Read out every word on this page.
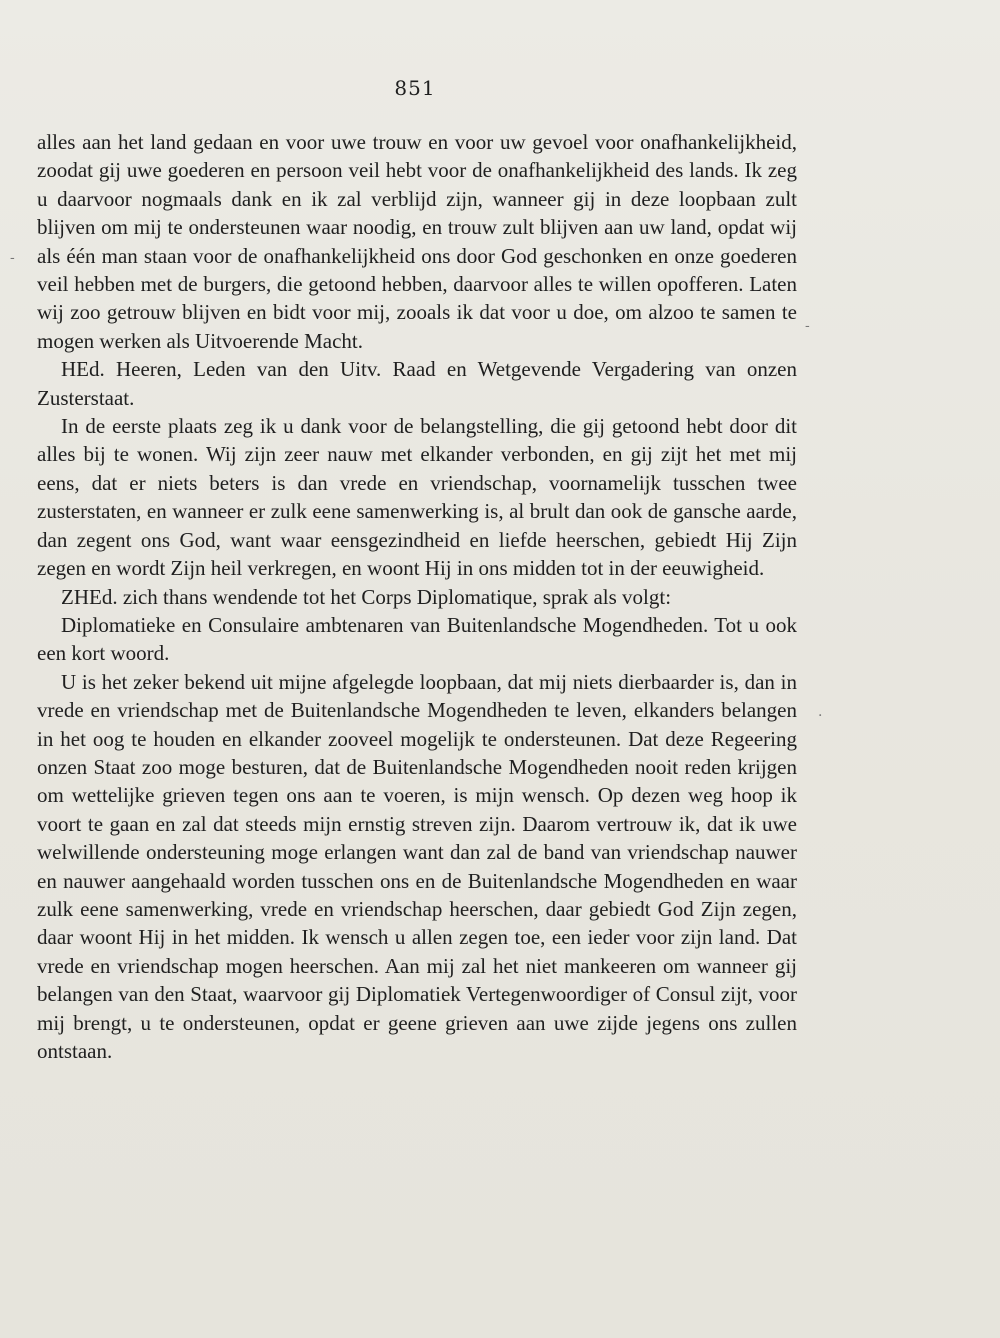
851

alles aan het land gedaan en voor uwe trouw en voor uw gevoel voor onafhankelijkheid, zoodat gij uwe goederen en persoon veil hebt voor de onafhankelijkheid des lands. Ik zeg u daarvoor nogmaals dank en ik zal verblijd zijn, wanneer gij in deze loopbaan zult blijven om mij te ondersteunen waar noodig, en trouw zult blijven aan uw land, opdat wij als één man staan voor de onafhankelijkheid ons door God geschonken en onze goederen veil hebben met de burgers, die getoond hebben, daarvoor alles te willen opofferen. Laten wij zoo getrouw blijven en bidt voor mij, zooals ik dat voor u doe, om alzoo te samen te mogen werken als Uitvoerende Macht.

HEd. Heeren, Leden van den Uitv. Raad en Wetgevende Vergadering van onzen Zusterstaat.

In de eerste plaats zeg ik u dank voor de belangstelling, die gij getoond hebt door dit alles bij te wonen. Wij zijn zeer nauw met elkander verbonden, en gij zijt het met mij eens, dat er niets beters is dan vrede en vriendschap, voornamelijk tusschen twee zusterstaten, en wanneer er zulk eene samenwerking is, al brult dan ook de gansche aarde, dan zegent ons God, want waar eensgezindheid en liefde heerschen, gebiedt Hij Zijn zegen en wordt Zijn heil verkregen, en woont Hij in ons midden tot in der eeuwigheid.

ZHEd. zich thans wendende tot het Corps Diplomatique, sprak als volgt:

Diplomatieke en Consulaire ambtenaren van Buitenlandsche Mogendheden. Tot u ook een kort woord.

U is het zeker bekend uit mijne afgelegde loopbaan, dat mij niets dierbaarder is, dan in vrede en vriendschap met de Buitenlandsche Mogendheden te leven, elkanders belangen in het oog te houden en elkander zooveel mogelijk te ondersteunen. Dat deze Regeering onzen Staat zoo moge besturen, dat de Buitenlandsche Mogendheden nooit reden krijgen om wettelijke grieven tegen ons aan te voeren, is mijn wensch. Op dezen weg hoop ik voort te gaan en zal dat steeds mijn ernstig streven zijn. Daarom vertrouw ik, dat ik uwe welwillende ondersteuning moge erlangen want dan zal de band van vriendschap nauwer en nauwer aangehaald worden tusschen ons en de Buitenlandsche Mogendheden en waar zulk eene samenwerking, vrede en vriendschap heerschen, daar gebiedt God Zijn zegen, daar woont Hij in het midden. Ik wensch u allen zegen toe, een ieder voor zijn land. Dat vrede en vriendschap mogen heerschen. Aan mij zal het niet mankeeren om wanneer gij belangen van den Staat, waarvoor gij Diplomatiek Vertegenwoordiger of Consul zijt, voor mij brengt, u te ondersteunen, opdat er geene grieven aan uwe zijde jegens ons zullen ontstaan.

-
·
-
